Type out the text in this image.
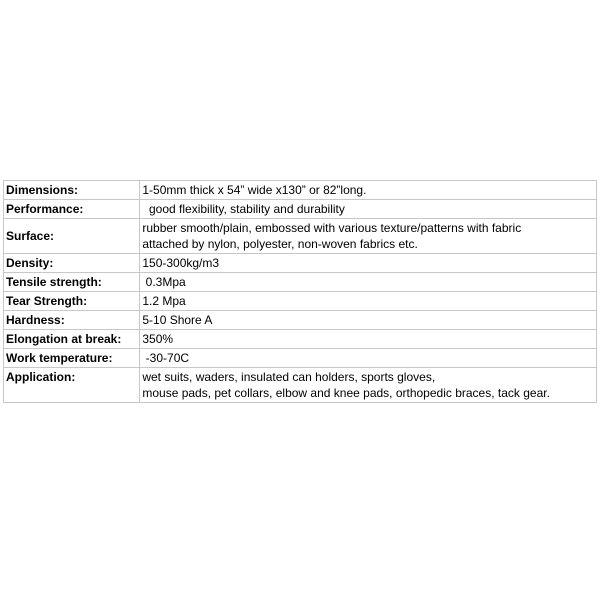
Dimensions:	1-50mm thick x 54” wide x130” or 82”long.
Performance:	good flexibility, stability and durability
Surface:	rubber smooth/plain, embossed with various texture/patterns with fabric
attached by nylon, polyester, non-woven fabrics etc.

Density:	150-300kg/m3
Tensile strength:	0.3Mpa
Tear Strength:	1.2 Mpa
Hardness:	5-10 Shore A
Elongation at break:	350%
Work temperature:	-30-70C
Application:	wet suits, waders, insulated can holders, sports gloves,
mouse pads, pet collars, elbow and knee pads, orthopedic braces, tack gear.
